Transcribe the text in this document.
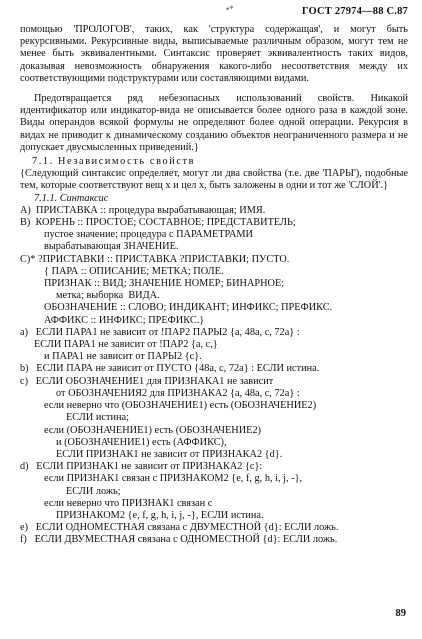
•*	ГОСТ 27974—88 С.87

помощью 'ПРОЛОГОВ', таких, как 'структура содержащая', и могут быть рекурсивными. Рекурсивные виды, выписываемые различным образом, могут тем не менее быть эквивалентными. Синтаксис проверяет эквивалентность таких видов, доказывая невозможность обнаружения какого-либо несоответствия между их соответствующими подструктурами или составляющими видами.

Предотвращается ряд небезопасных использований свойств. Никакой идентификатор или индикатор-вида не описывается более одного раза в каждой зоне. Виды операндов всякой формулы не определяют более одной операции. Рекурсия в видах не приводит к динамическому созданию объектов неограниченного размера и не допускает двусмысленных приведений.}

7.1. Независимость свойств

{Следующий синтаксис определяет, могут ли два свойства (т.е. две 'ПАРЫ'), подобные тем, которые соответствуют вещ x и цел x, быть заложены в одни и тот же 'СЛОЙ'.}

7.1.1. Синтаксис
A)  ПРИСТАВКА :: процедура вырабатывающая; ИМЯ.
B)  КОРЕНЬ :: ПРОСТОЕ; СОСТАВНОЕ; ПРЕДСТАВИТЕЛЬ;
пустое значение; процедура с ПАРАМЕТРАМИ
вырабатывающая ЗНАЧЕНИЕ.
C)* ?ПРИСТАВКИ :: ПРИСТАВКА ?ПРИСТАВКИ; ПУСТО.
{ ПАРА :: ОПИСАНИЕ; МЕТКА; ПОЛЕ.
ПРИЗНАК :: ВИД; ЗНАЧЕНИЕ НОМЕР; БИНАРНОЕ;
метка; выборка  ВИДА.
ОБОЗНАЧЕНИЕ :: СЛОВО; ИНДИКАНТ; ИНФИКС; ПРЕФИКС.
АФФИКС :: ИНФИКС; ПРЕФИКС.}
a)   ЕСЛИ ПАРА1 не зависит от !ПАР2 ПАРЫ2 {a, 48a, c, 72a} :
ЕСЛИ ПАРА1 не зависит от !ПАР2 {a, c,}
и ПАРА1 не зависит от ПАРЫ2 {c}.
b)   ЕСЛИ ПАРА не зависит от ПУСТО {48a, c, 72a} : ЕСЛИ истина.
c)   ЕСЛИ ОБОЗНАЧЕНИЕ1 для ПРИЗНАКА1 не зависит
от ОБОЗНАЧЕНИЯ2 для ПРИЗНАКА2 {a, 48a, c, 72a} :
если неверно что (ОБОЗНАЧЕНИЕ1) есть (ОБОЗНАЧЕНИЕ2)
ЕСЛИ истина;
если (ОБОЗНАЧЕНИЕ1) есть (ОБОЗНАЧЕНИЕ2)
и (ОБОЗНАЧЕНИЕ1) есть (АФФИКС),
ЕСЛИ ПРИЗНАК1 не зависит от ПРИЗНАКА2 {d}.
d)   ЕСЛИ ПРИЗНАК1 не зависит от ПРИЗНАКА2 {c}:
если ПРИЗНАК1 связан с ПРИЗНАКОМ2 {e, f, g, h, i, j, -},
ЕСЛИ ложь;
если неверно что ПРИЗНАК1 связан с
ПРИЗНАКОМ2 {e, f, g, h, i, j, -}, ЕСЛИ истина.
e)   ЕСЛИ ОДНОМЕСТНАЯ связана с ДВУМЕСТНОЙ {d}: ЕСЛИ ложь.
f)   ЕСЛИ ДВУМЕСТНАЯ связана с ОДНОМЕСТНОЙ {d}: ЕСЛИ ложь.
89
